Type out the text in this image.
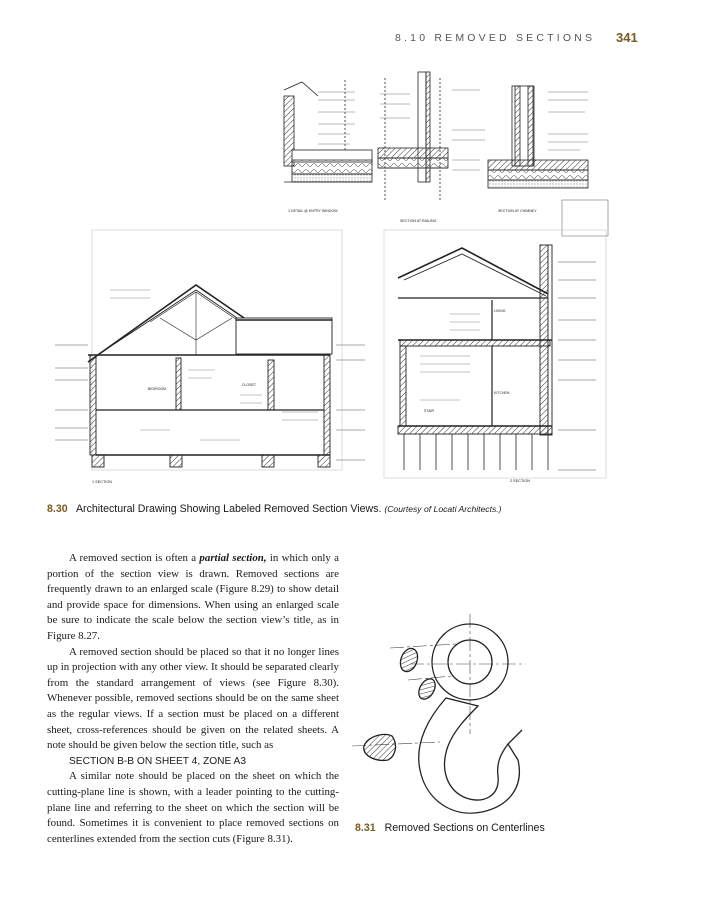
8.10 REMOVED SECTIONS 341
1 DETAIL @ ENTRY WINDOW
SECTION AT RAILING
SECTION AT CHIMNEY
BEDROOM
CLOSET
1 SECTION
LIVING
KITCHEN
STAIR
2 SECTION
8.30 Architectural Drawing Showing Labeled Removed Section Views. (Courtesy of Locati Architects.)

A removed section is often a partial section, in which only a portion of the section view is drawn. Removed sections are frequently drawn to an enlarged scale (Figure 8.29) to show detail and provide space for dimensions. When using an enlarged scale be sure to indicate the scale below the section view’s title, as in Figure 8.27.

A removed section should be placed so that it no longer lines up in projection with any other view. It should be separated clearly from the standard arrangement of views (see Figure 8.30). Whenever possible, removed sections should be on the same sheet as the regular views. If a section must be placed on a different sheet, cross-references should be given on the related sheets. A note should be given below the section title, such as

SECTION B-B ON SHEET 4, ZONE A3

A similar note should be placed on the sheet on which the cutting-plane line is shown, with a leader pointing to the cutting-plane line and referring to the sheet on which the section will be found. Sometimes it is convenient to place removed sections on centerlines extended from the section cuts (Figure 8.31).

8.31 Removed Sections on Centerlines
